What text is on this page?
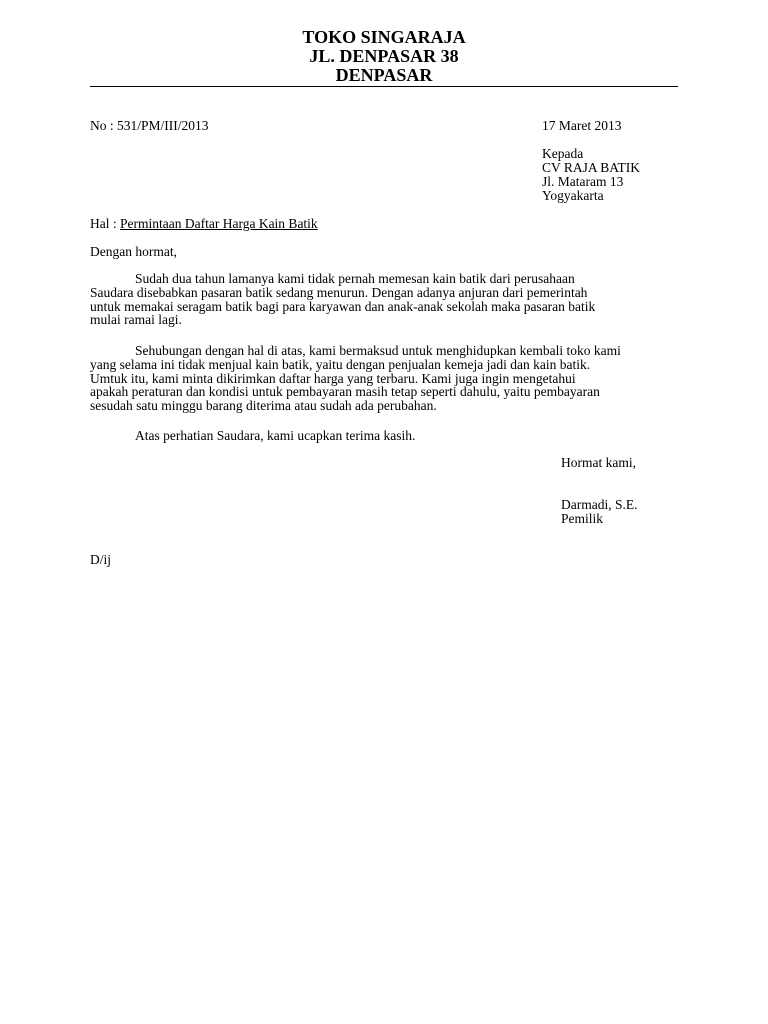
TOKO SINGARAJA
JL. DENPASAR 38
DENPASAR
No : 531/PM/III/2013	17 Maret 2013
Kepada
CV RAJA BATIK
Jl. Mataram 13
Yogyakarta
Hal : Permintaan Daftar Harga Kain Batik
Dengan hormat,
Sudah dua tahun lamanya kami tidak pernah memesan kain batik dari perusahaan
Saudara disebabkan pasaran batik sedang menurun. Dengan adanya anjuran dari pemerintah
untuk memakai seragam batik bagi para karyawan dan anak-anak sekolah maka pasaran batik
mulai ramai lagi.
Sehubungan dengan hal di atas, kami bermaksud untuk menghidupkan kembali toko kami
yang selama ini tidak menjual kain batik, yaitu dengan penjualan kemeja jadi dan kain batik.
Umtuk itu, kami minta dikirimkan daftar harga yang terbaru. Kami juga ingin mengetahui
apakah peraturan dan kondisi untuk pembayaran masih tetap seperti dahulu, yaitu pembayaran
sesudah satu minggu barang diterima atau sudah ada perubahan.
Atas perhatian Saudara, kami ucapkan terima kasih.
Hormat kami,
Darmadi, S.E.
Pemilik
D/ij
